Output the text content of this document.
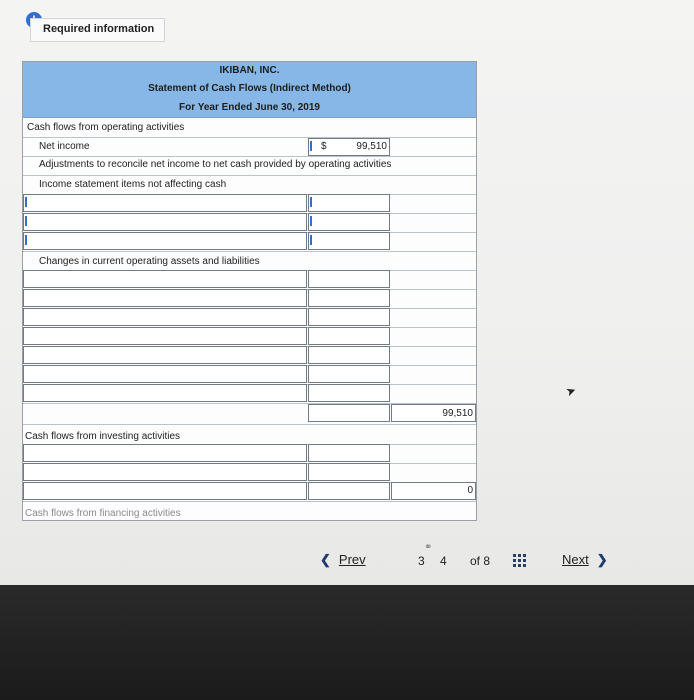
Required information
IKIBAN, INC.
Statement of Cash Flows (Indirect Method)
For Year Ended June 30, 2019
Cash flows from operating activities
Net income	$	99,510
Adjustments to reconcile net income to net cash provided by operating activities
Income statement items not affecting cash
Changes in current operating assets and liabilities
99,510
Cash flows from investing activities
0
Cash flows from financing activities
❮ Prev
⚭
3 4 of 8	Next ❯
➤
